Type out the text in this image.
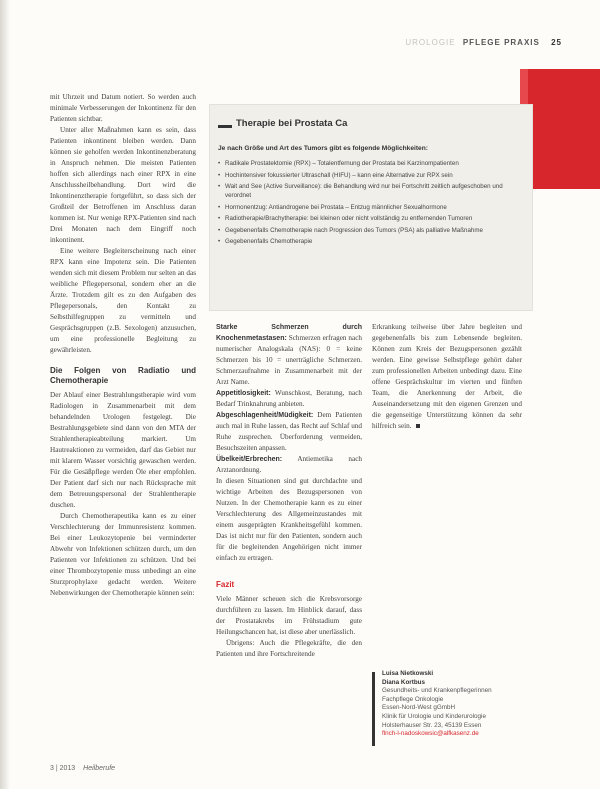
UROLOGIE PFLEGE PRAXIS 25

mit Uhrzeit und Datum notiert. So werden auch minimale Verbesserungen der Inkontinenz für den Patienten sichtbar.

Unter aller Maßnahmen kann es sein, dass Patienten inkontinent bleiben werden. Dann können sie geholfen werden Inkontinenzberatung in Anspruch nehmen. Die meisten Patienten hoffen sich allerdings nach einer RPX in eine Anschlussheilbehandlung. Dort wird die Inkontinenztherapie fortgeführt, so dass sich der Großteil der Betroffenen im Anschluss daran kommen ist. Nur wenige RPX-Patienten sind nach Drei Monaten nach dem Eingriff noch inkontinent.

Eine weitere Begleiterscheinung nach einer RPX kann eine Impotenz sein. Die Patienten wenden sich mit diesem Problem nur selten an das weibliche Pflegepersonal, sondern eher an die Ärzte. Trotzdem gilt es zu den Aufgaben des Pflegepersonals, den Kontakt zu Selbsthilfegruppen zu vermitteln und Gesprächsgruppen (z.B. Sexologen) anzusuchen, um eine professionelle Begleitung zu gewährleisten.

Die Folgen von Radiatio und Chemotherapie

Der Ablauf einer Bestrahlungstherapie wird vom Radiologen in Zusammenarbeit mit dem behandelnden Urologen festgelegt. Die Bestrahlungsgebiete sind dann von den MTA der Strahlentherapieabteilung markiert. Um Hautreaktionen zu vermeiden, darf das Gebiet nur mit klarem Wasser vorsichtig gewaschen werden. Für die Gesäßpflege werden Öle eher empfohlen. Der Patient darf sich nur nach Rücksprache mit dem Betreuungspersonal der Strahlentherapie duschen.

Durch Chemotherapeutika kann es zu einer Verschlechterung der Immunresistenz kommen. Bei einer Leukozytopenie bei verminderter Abwehr von Infektionen schützen durch, um den Patienten vor Infektionen zu schützen. Und bei einer Thrombozytopenie muss unbedingt an eine Sturzprophylaxe gedacht werden. Weitere Nebenwirkungen der Chemotherapie können sein:

Therapie bei Prostata Ca
Je nach Größe und Art des Tumors gibt es folgende Möglichkeiten:
• Radikale Prostatektomie (RPX) – Totalentfernung der Prostata bei Karzinompatienten
• Hochintensiver fokussierter Ultraschall (HIFU) – kann eine Alternative zur RPX sein
• Wait and See (Active Surveillance): die Behandlung wird nur bei Fortschritt zeitlich aufgeschoben und verordnet
• Hormonentzug: Antiandrogene bei Prostata – Entzug männlicher Sexualhormone
• Radiotherapie/Brachytherapie: bei kleinen oder nicht vollständig zu entfernenden Tumoren
• Gegebenenfalls Chemotherapie nach Progression des Tumors (PSA) als palliative Maßnahme
• Gegebenenfalls Chemotherapie

Starke Schmerzen durch Knochenmetastasen: Schmerzen erfragen nach numerischer Analogskala (NAS): 0 = keine Schmerzen bis 10 = unerträgliche Schmerzen. Schmerzaufnahme in Zusammenarbeit mit der Arzt Name.

Appetitlosigkeit: Wunschkost, Beratung, nach Bedarf Trinknahrung anbieten.

Abgeschlagenheit/Müdigkeit: Dem Patienten auch mal in Ruhe lassen, das Recht auf Schlaf und Ruhe zusprechen. Überforderung vermeiden, Besuchszeiten anpassen.

Übelkeit/Erbrechen: Antiemetika nach Arztanordnung.

In diesen Situationen sind gut durchdachte und wichtige Arbeiten des Bezugspersonen von Nutzen. In der Chemotherapie kann es zu einer Verschlechterung des Allgemeinzustandes mit einem ausgeprägten Krankheitsgefühl kommen. Das ist nicht nur für den Patienten, sondern auch für die begleitenden Angehörigen nicht immer einfach zu ertragen.

Fazit

Viele Männer scheuen sich die Krebsvorsorge durchführen zu lassen. Im Hinblick darauf, dass der Prostatakrebs im Frühstadium gute Heilungschancen hat, ist diese aber unerlässlich.

Übrigens: Auch die Pflegekräfte, die den Patienten und ihre Fortschreitende

Erkrankung teilweise über Jahre begleiten und gegebenenfalls bis zum Lebensende begleiten. Können zum Kreis der Bezugspersonen gezählt werden. Eine gewisse Selbstpflege gehört daher zum professionellen Arbeiten unbedingt dazu. Eine offene Gesprächskultur im vierten und fünften Team, die Anerkennung der Arbeit, die Auseinandersetzung mit den eigenen Grenzen und die gegenseitige Unterstützung können da sehr hilfreich sein.

Luisa Nietkowski
Diana Kortbus
Gesundheits- und Krankenpflegerinnen
Fachpflege Onkologie
Essen-Nord-West gGmbH
Klinik für Urologie und Kinderurologie
Holsterhauser Str. 23, 45139 Essen
flnch-l-nadoskowsic@alfkasenz.de
3 | 2013 Heilberufe
